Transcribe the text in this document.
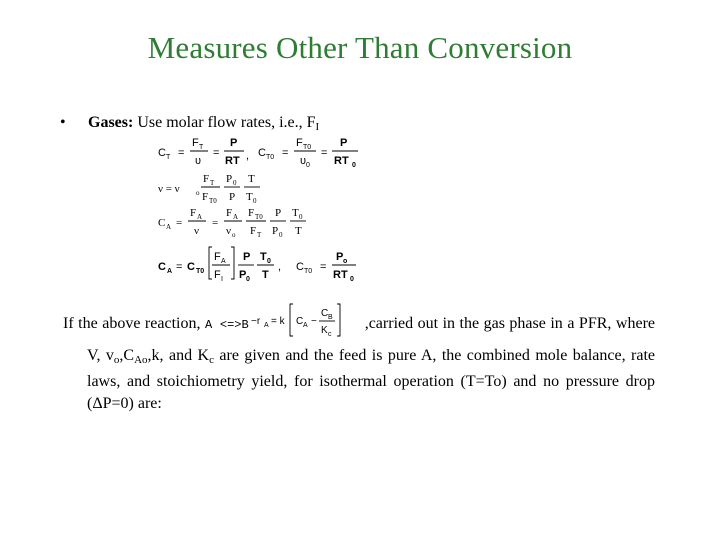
Measures Other Than Conversion
• Gases: Use molar flow rates, i.e., $F_I$
C T =
F T
υ
=
P
RT , C T0 =
F T0
υ 0
=
P
RT 0
ν = ν o
F T
F T0
P 0
P
T
T 0
C A =
F A
ν
=
F A
ν o
F T0
F T
P
P 0
T 0
T
C A = C T0
F A
F I
P
P 0
T 0
T
, C T0 =
P o
RT 0

If the above reaction, A <=>B −r A = k C A −
C B
K c
,carried out in the gas phase in a PFR, where V, $v_o,C_{Ao},k$, and $K_c$ are given and the feed is pure A, the combined mole balance, rate laws, and stoichiometry yield, for isothermal operation (T=To) and no pressure drop (ΔP=0) are:
